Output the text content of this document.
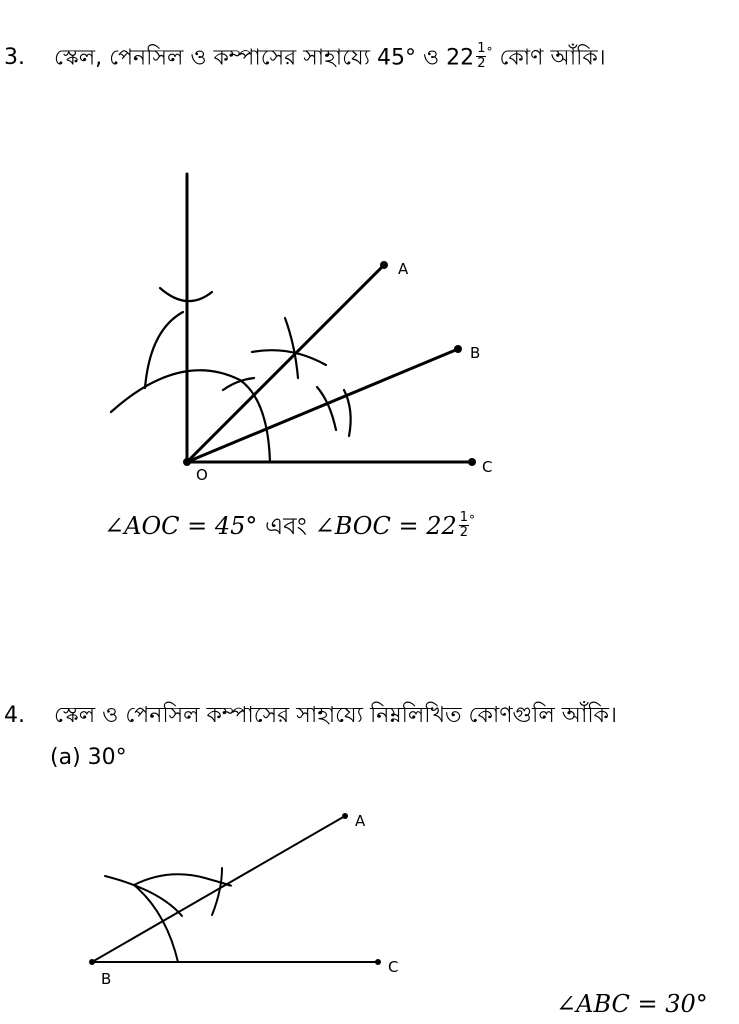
3. স্কেল, পেনসিল ও কম্পাসের সাহায্যে 45° ও $22 \frac{1}{2} ^\circ$ কোণ আঁকি।
A
B
C
O
A
B
C
∠AOC = 45° এবং ∠BOC = $22 \frac{1}{2} ^\circ$
4. স্কেল ও পেনসিল কম্পাসের সাহায্যে নিম্নলিখিত কোণগুলি আঁকি।
(a) 30°
∠ABC = 30°
